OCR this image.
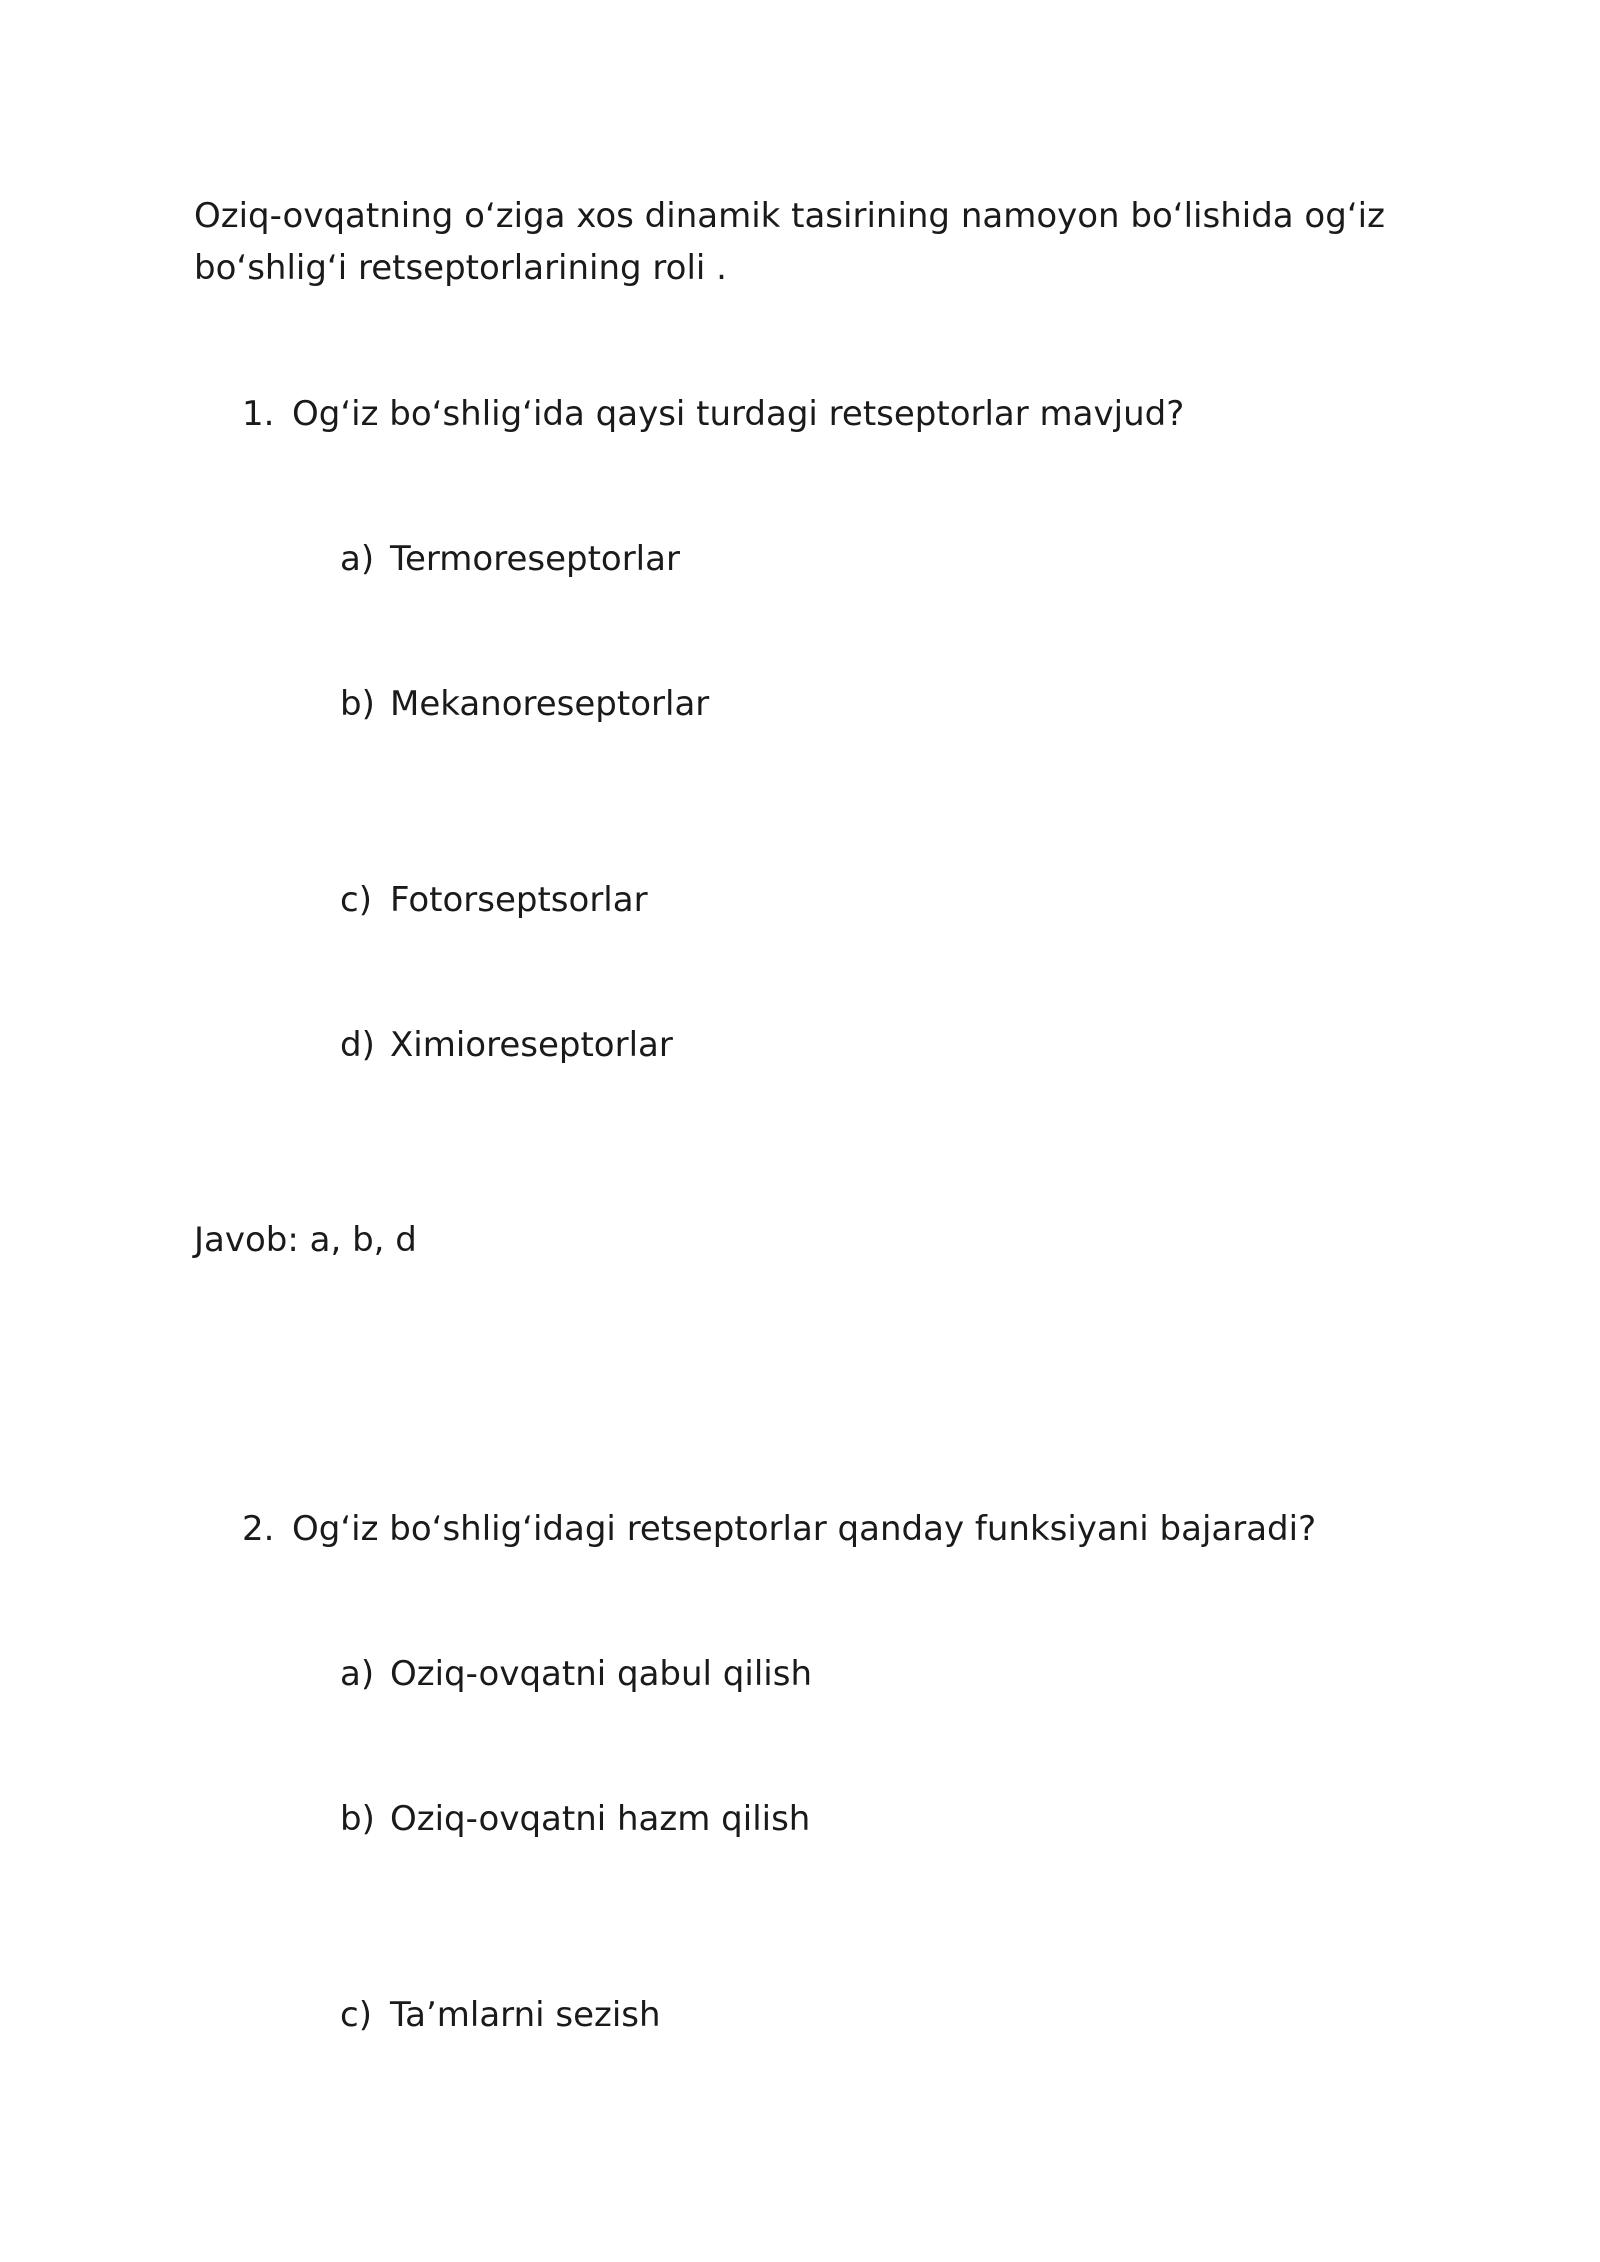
Oziq-ovqatning o‘ziga xos dinamik tasirining namoyon bo‘lishida og‘iz bo‘shlig‘i retseptorlarining roli .
1. Og‘iz bo‘shlig‘ida qaysi turdagi retseptorlar mavjud?
a) Termoreseptorlar
b) Mekanoreseptorlar
c) Fotorseptsorlar
d) Ximioreseptorlar
Javob: a, b, d
2. Og‘iz bo‘shlig‘idagi retseptorlar qanday funksiyani bajaradi?
a) Oziq-ovqatni qabul qilish
b) Oziq-ovqatni hazm qilish
c) Ta’mlarni sezish
